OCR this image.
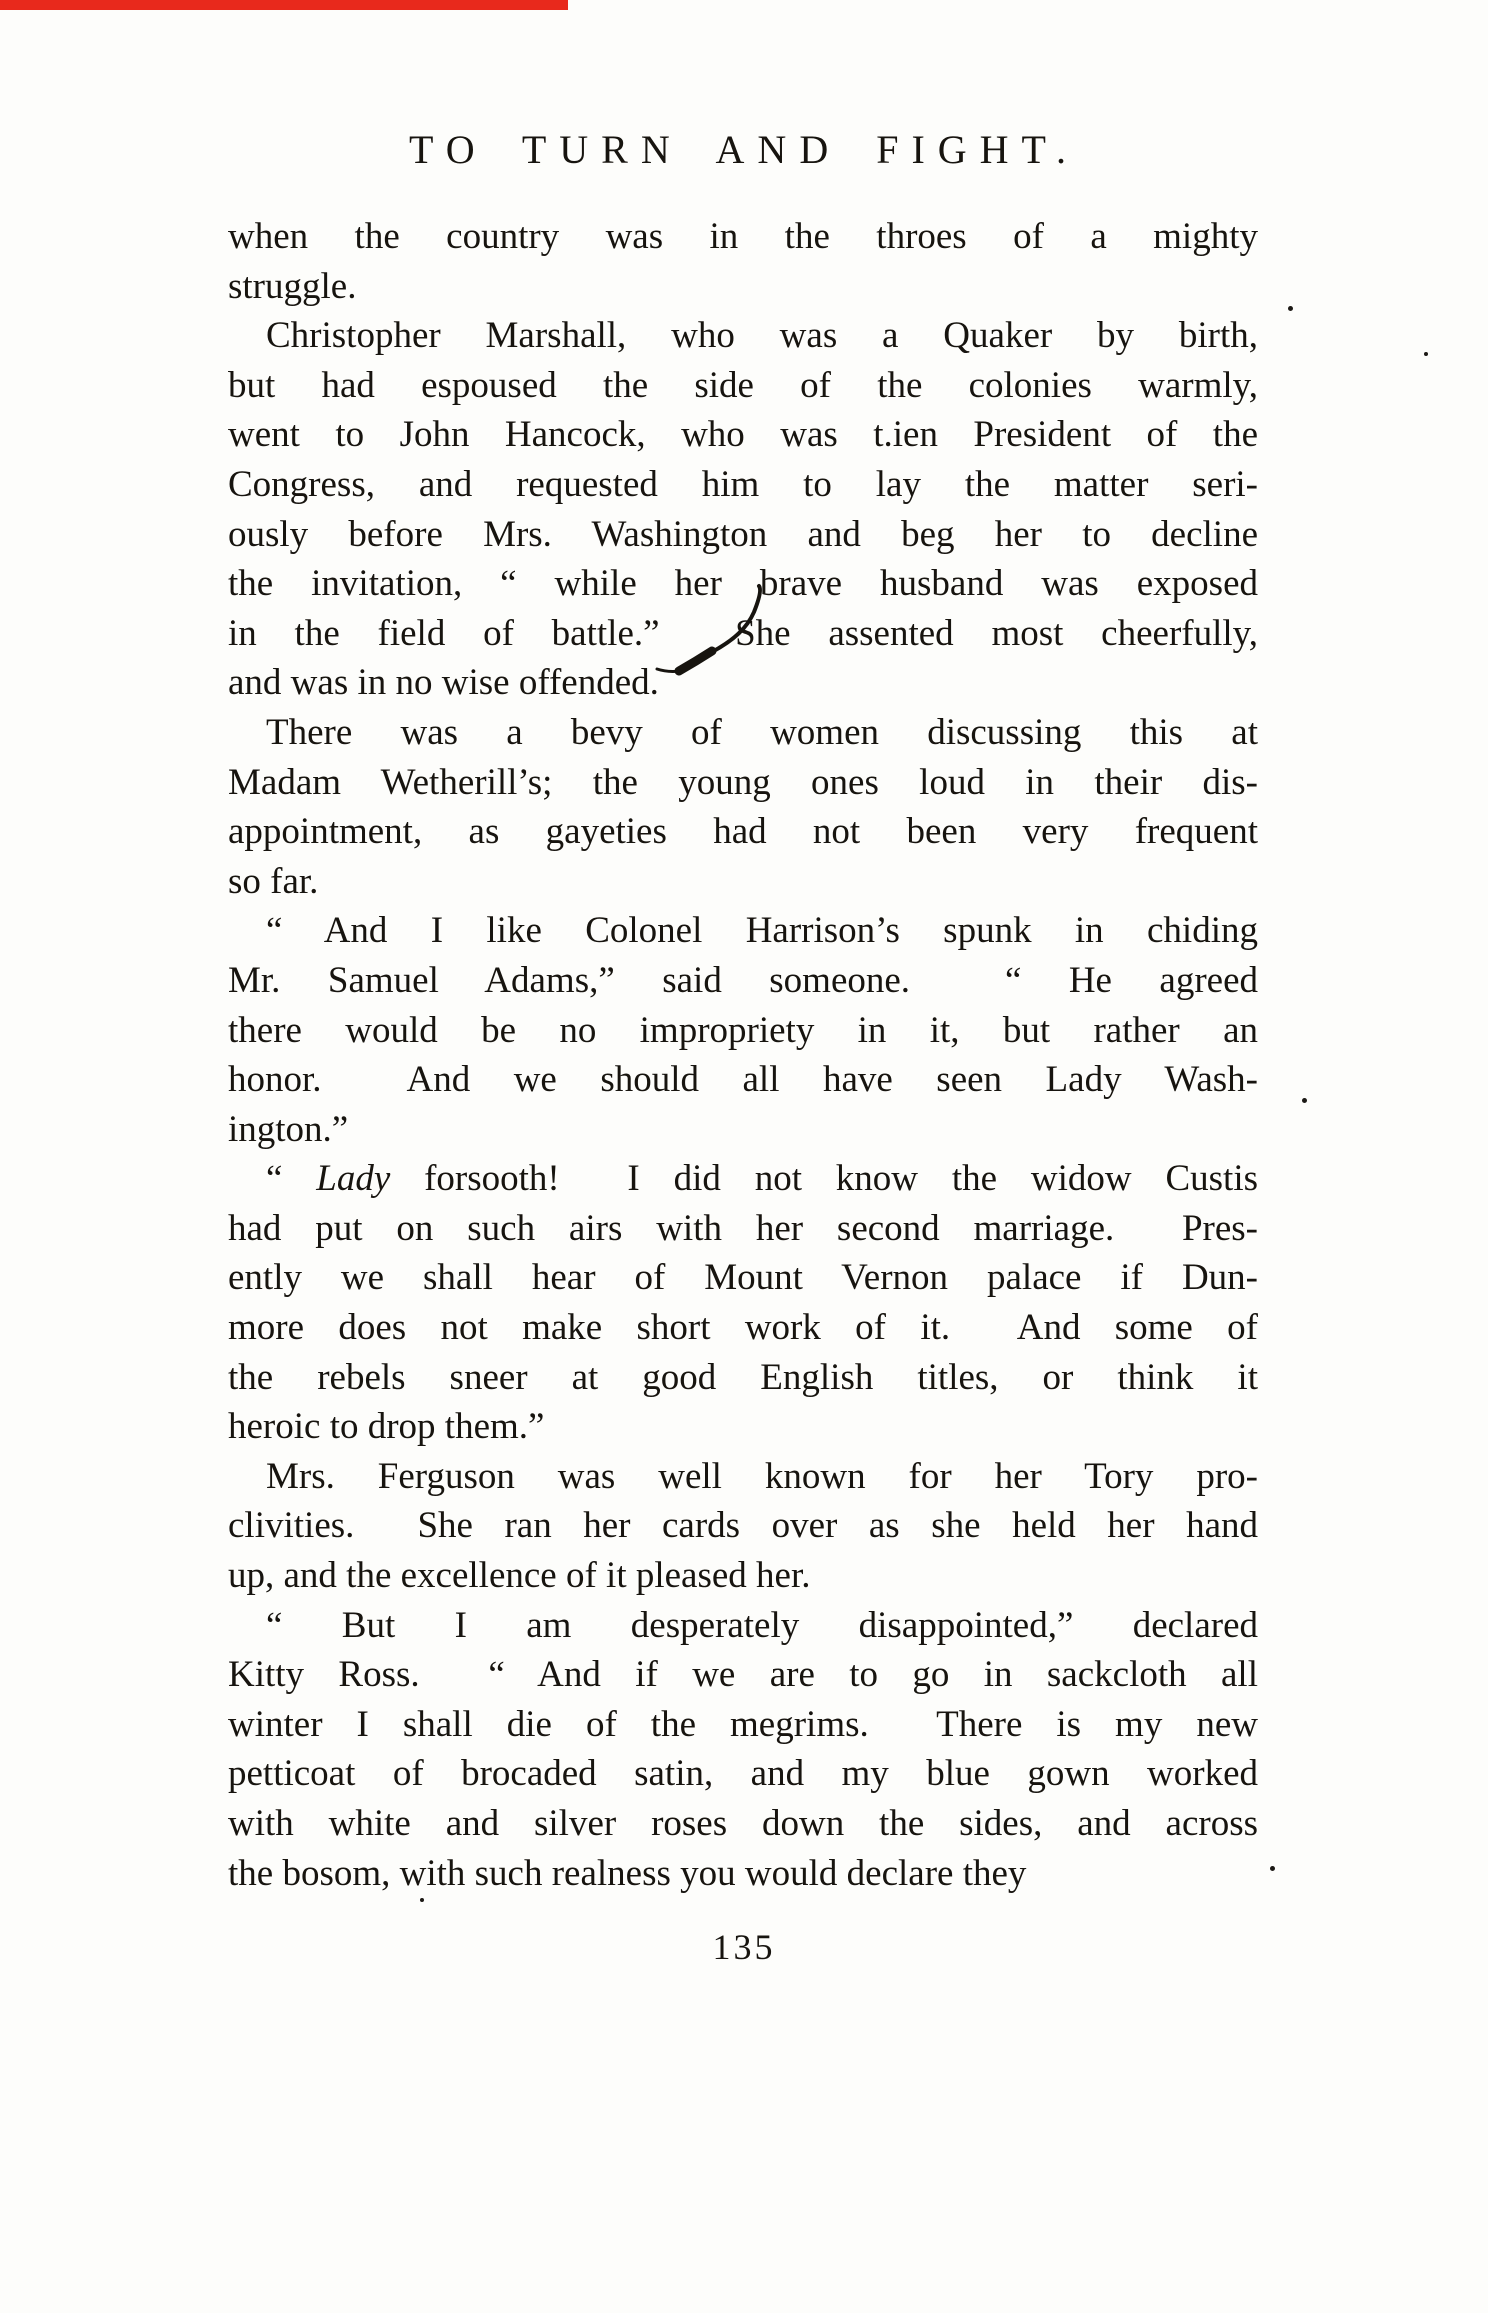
TO TURN AND FIGHT.
when the country was in the throes of a mighty
struggle.
Christopher Marshall, who was a Quaker by birth,
but had espoused the side of the colonies warmly,
went to John Hancock, who was t.ien President of the
Congress, and requested him to lay the matter seri-
ously before Mrs. Washington and beg her to decline
the invitation, “ while her brave husband was exposed
in the field of battle.”  She assented most cheerfully,
and was in no wise offended.
There was a bevy of women discussing this at
Madam Wetherill’s; the young ones loud in their dis-
appointment, as gayeties had not been very frequent
so far.
“ And I like Colonel Harrison’s spunk in chiding
Mr. Samuel Adams,” said someone.  “ He agreed
there would be no impropriety in it, but rather an
honor.  And we should all have seen Lady Wash-
ington.”
“ Lady forsooth!  I did not know the widow Custis
had put on such airs with her second marriage.  Pres-
ently we shall hear of Mount Vernon palace if Dun-
more does not make short work of it.  And some of
the rebels sneer at good English titles, or think it
heroic to drop them.”
Mrs. Ferguson was well known for her Tory pro-
clivities.  She ran her cards over as she held her hand
up, and the excellence of it pleased her.
“ But I am desperately disappointed,” declared
Kitty Ross.  “ And if we are to go in sackcloth all
winter I shall die of the megrims.  There is my new
petticoat of brocaded satin, and my blue gown worked
with white and silver roses down the sides, and across
the bosom, with such realness you would declare they
135
